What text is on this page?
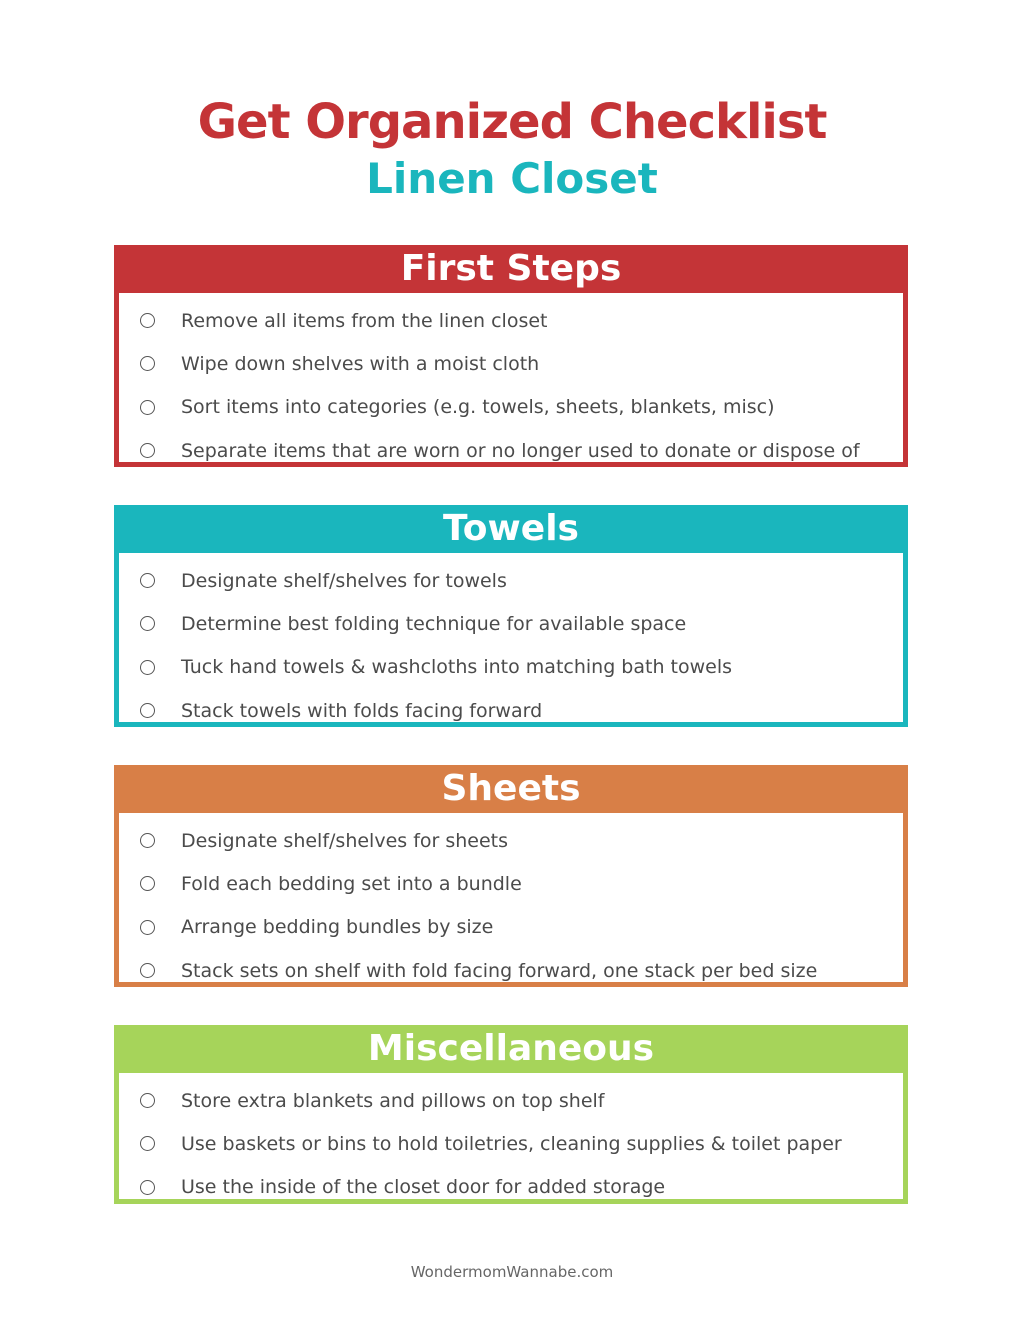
Get Organized Checklist
Linen Closet
First Steps
Remove all items from the linen closet
Wipe down shelves with a moist cloth
Sort items into categories (e.g. towels, sheets, blankets, misc)
Separate items that are worn or no longer used to donate or dispose of
Towels
Designate shelf/shelves for towels
Determine best folding technique for available space
Tuck hand towels & washcloths into matching bath towels
Stack towels with folds facing forward
Sheets
Designate shelf/shelves for sheets
Fold each bedding set into a bundle
Arrange bedding bundles by size
Stack sets on shelf with fold facing forward, one stack per bed size
Miscellaneous
Store extra blankets and pillows on top shelf
Use baskets or bins to hold toiletries, cleaning supplies & toilet paper
Use the inside of the closet door for added storage
WondermomWannabe.com
